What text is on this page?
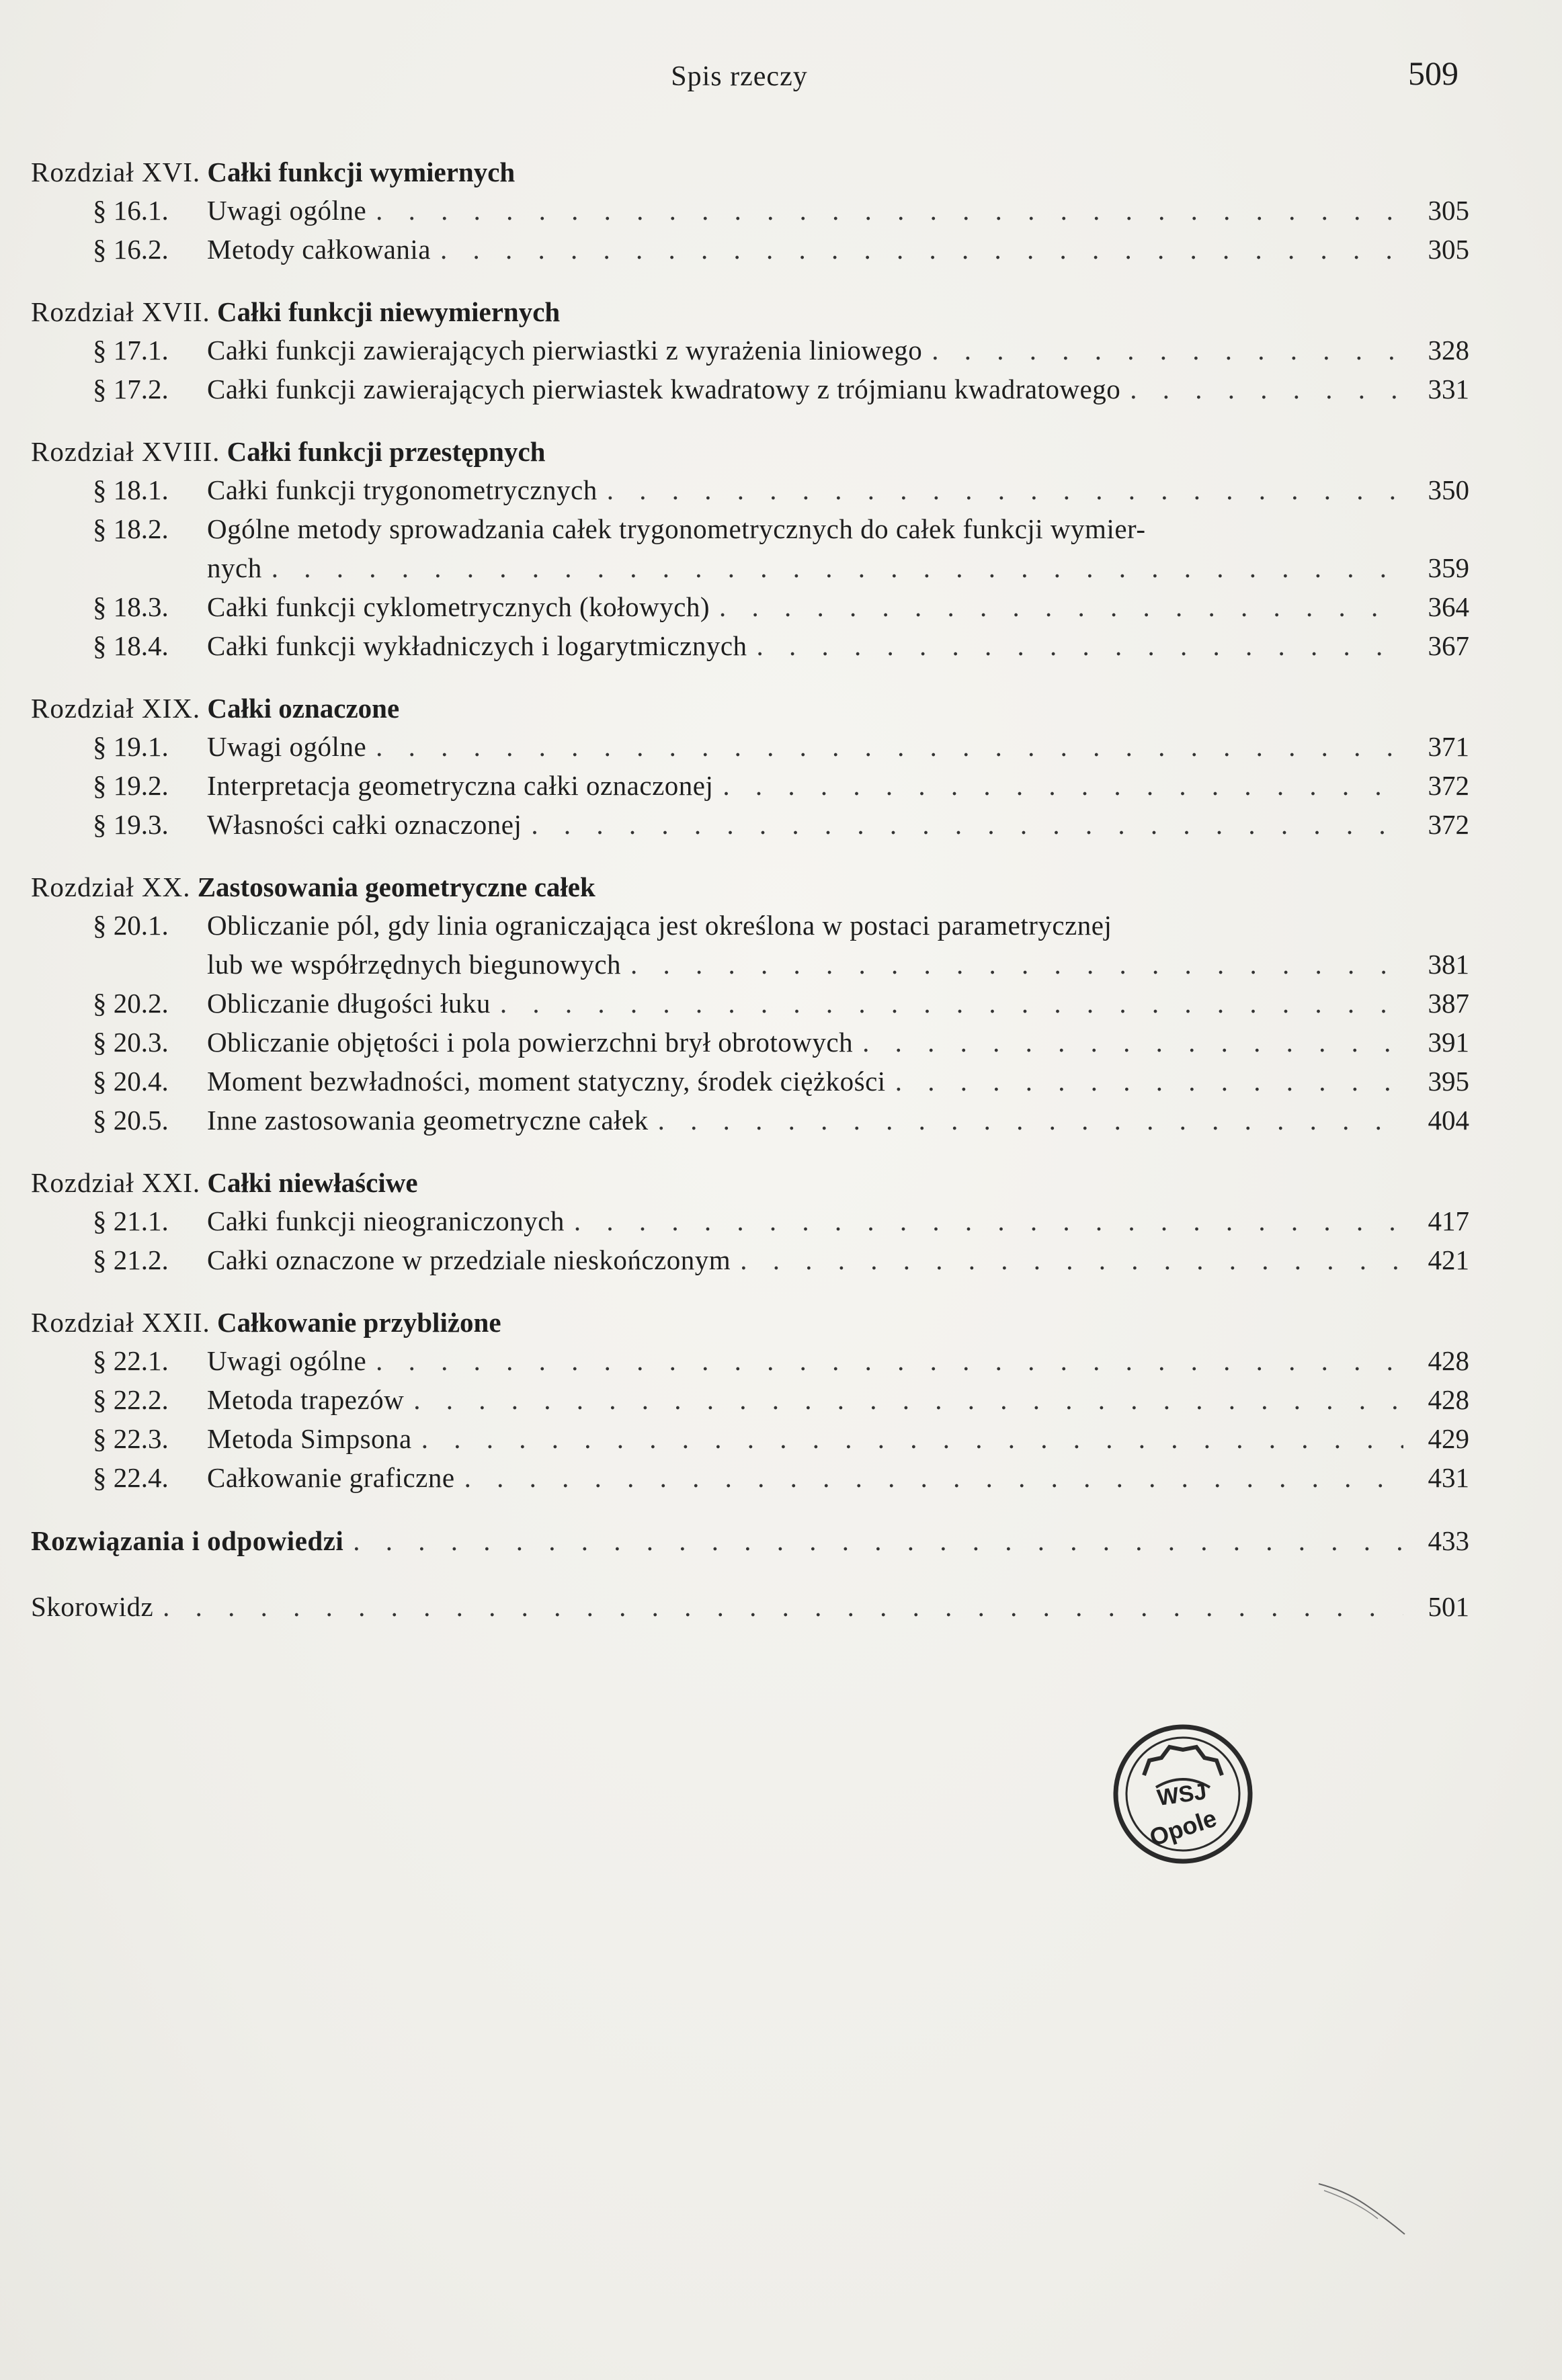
Spis rzeczy	509
Rozdział XVI. Całki funkcji wymiernych
§ 16.1.	Uwagi ogólne . . .	305
§ 16.2.	Metody całkowania . . .	305
Rozdział XVII. Całki funkcji niewymiernych
§ 17.1.	Całki funkcji zawierających pierwiastki z wyrażenia liniowego . . .	328
§ 17.2.	Całki funkcji zawierających pierwiastek kwadratowy z trójmianu kwadratowego . . .	331
Rozdział XVIII. Całki funkcji przestępnych
§ 18.1.	Całki funkcji trygonometrycznych . . .	350
§ 18.2.	Ogólne metody sprowadzania całek trygonometrycznych do całek funkcji wymier-
nych . . .	359
§ 18.3.	Całki funkcji cyklometrycznych (kołowych) . . .	364
§ 18.4.	Całki funkcji wykładniczych i logarytmicznych . . .	367
Rozdział XIX. Całki oznaczone
§ 19.1.	Uwagi ogólne . . .	371
§ 19.2.	Interpretacja geometryczna całki oznaczonej . . .	372
§ 19.3.	Własności całki oznaczonej . . .	372
Rozdział XX. Zastosowania geometryczne całek
§ 20.1.	Obliczanie pól, gdy linia ograniczająca jest określona w postaci parametrycznej
lub we współrzędnych biegunowych . . .	381
§ 20.2.	Obliczanie długości łuku . . .	387
§ 20.3.	Obliczanie objętości i pola powierzchni brył obrotowych . . .	391
§ 20.4.	Moment bezwładności, moment statyczny, środek ciężkości . . .	395
§ 20.5.	Inne zastosowania geometryczne całek . . .	404
Rozdział XXI. Całki niewłaściwe
§ 21.1.	Całki funkcji nieograniczonych . . .	417
§ 21.2.	Całki oznaczone w przedziale nieskończonym . . .	421
Rozdział XXII. Całkowanie przybliżone
§ 22.1.	Uwagi ogólne . . .	428
§ 22.2.	Metoda trapezów . . .	428
§ 22.3.	Metoda Simpsona . . .	429
§ 22.4.	Całkowanie graficzne . . .	431
Rozwiązania i odpowiedzi . . .	433
Skorowidz . . .	501
WSJ
Opole
